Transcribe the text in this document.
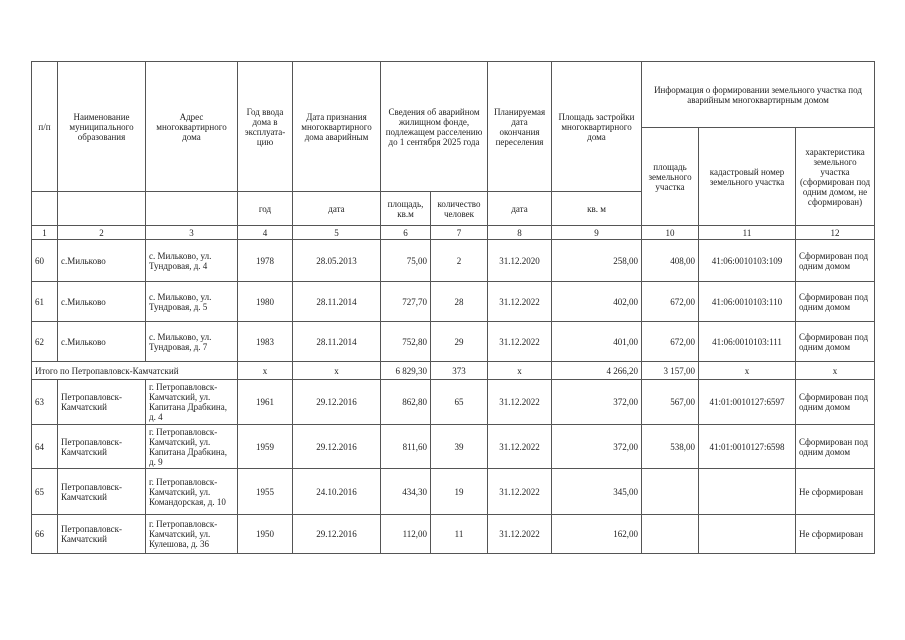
п/п	Наименование муниципального образования	Адрес многоквартирного дома	Год ввода дома в эксплуата-цию	Дата признания многоквартирного дома аварийным	Сведения об аварийном жилищном фонде, подлежащем расселению до 1 сентября 2025 года		Планируемая дата окончания переселения	Площадь застройки многоквартирного дома	Информация о формировании земельного участка под аварийным многоквартирным домом		
									площадь земельного участка	кадастровый номер земельного участка	характеристика земельного участка (сформирован под одним домом, не сформирован)
			год	дата	площадь, кв.м	количество человек	дата	кв. м			
1	2	3	4	5	6	7	8	9	10	11	12
60	с.Мильково	с. Мильково, ул. Тундровая, д. 4	1978	28.05.2013	75,00	2	31.12.2020	258,00	408,00	41:06:0010103:109	Сформирован под одним домом
61	с.Мильково	с. Мильково, ул. Тундровая, д. 5	1980	28.11.2014	727,70	28	31.12.2022	402,00	672,00	41:06:0010103:110	Сформирован под одним домом
62	с.Мильково	с. Мильково, ул. Тундровая, д. 7	1983	28.11.2014	752,80	29	31.12.2022	401,00	672,00	41:06:0010103:111	Сформирован под одним домом
Итого по Петропавловск-Камчатский			х	х	6 829,30	373	х	4 266,20	3 157,00	х	х
63	Петропавловск-Камчатский	г. Петропавловск-Камчатский, ул. Капитана Драбкина, д. 4	1961	29.12.2016	862,80	65	31.12.2022	372,00	567,00	41:01:0010127:6597	Сформирован под одним домом
64	Петропавловск-Камчатский	г. Петропавловск-Камчатский, ул. Капитана Драбкина, д. 9	1959	29.12.2016	811,60	39	31.12.2022	372,00	538,00	41:01:0010127:6598	Сформирован под одним домом
65	Петропавловск-Камчатский	г. Петропавловск-Камчатский, ул. Командорская, д. 10	1955	24.10.2016	434,30	19	31.12.2022	345,00			Не сформирован
66	Петропавловск-Камчатский	г. Петропавловск-Камчатский, ул. Кулешова, д. 36	1950	29.12.2016	112,00	11	31.12.2022	162,00			Не сформирован
